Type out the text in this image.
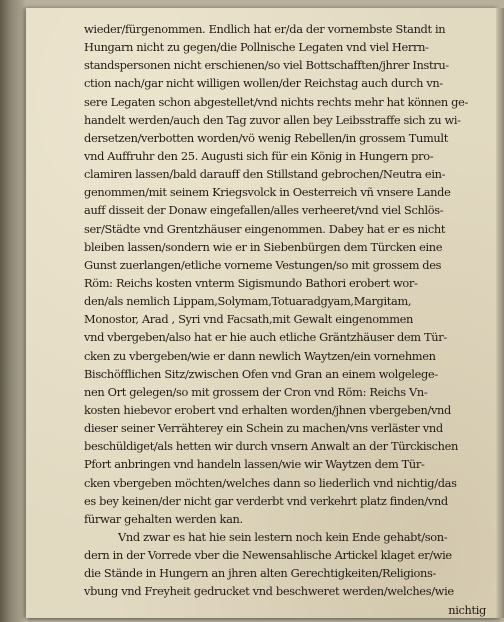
wieder/fürgenommen. Endlich hat er/da der vornembste Standt in
Hungarn nicht zu gegen/die Pollnische Legaten vnd viel Herrn-
standspersonen nicht erschienen/so viel Bottschafften/jhrer Instru-
ction nach/gar nicht willigen wollen/der Reichstag auch durch vn-
sere Legaten schon abgestellet/vnd nichts rechts mehr hat können ge-
handelt werden/auch den Tag zuvor allen bey Leibsstraffe sich zu wi-
dersetzen/verbotten worden/vö wenig Rebellen/in grossem Tumult
vnd Auffruhr den 25. Augusti sich für ein König in Hungern pro-
clamiren lassen/bald darauff den Stillstand gebrochen/Neutra ein-
genommen/mit seinem Kriegsvolck in Oesterreich vñ vnsere Lande
auff disseit der Donaw eingefallen/alles verheeret/vnd viel Schlös-
ser/Städte vnd Grentzhäuser eingenommen. Dabey hat er es nicht
bleiben lassen/sondern wie er in Siebenbürgen dem Türcken eine
Gunst zuerlangen/etliche vorneme Vestungen/so mit grossem des
Röm: Reichs kosten vnterm Sigismundo Bathori erobert wor-
den/als nemlich Lippam,Solymam,Totuaradgyam,Margitam,
Monostor, Arad , Syri vnd Facsath,mit Gewalt eingenommen
vnd vbergeben/also hat er hie auch etliche Gräntzhäuser dem Tür-
cken zu vbergeben/wie er dann newlich Waytzen/ein vornehmen
Bischöfflichen Sitz/zwischen Ofen vnd Gran an einem wolgelege-
nen Ort gelegen/so mit grossem der Cron vnd Röm: Reichs Vn-
kosten hiebevor erobert vnd erhalten worden/jhnen vbergeben/vnd
dieser seiner Verrähterey ein Schein zu machen/vns verläster vnd
beschüldiget/als hetten wir durch vnsern Anwalt an der Türckischen
Pfort anbringen vnd handeln lassen/wie wir Waytzen dem Tür-
cken vbergeben möchten/welches dann so liederlich vnd nichtig/das
es bey keinen/der nicht gar verderbt vnd verkehrt platz finden/vnd
fürwar gehalten werden kan.
Vnd zwar es hat hie sein lestern noch kein Ende gehabt/son-
dern in der Vorrede vber die Newensahlische Artickel klaget er/wie
die Stände in Hungern an jhren alten Gerechtigkeiten/Religions-
vbung vnd Freyheit gedrucket vnd beschweret werden/welches/wie
nichtig
